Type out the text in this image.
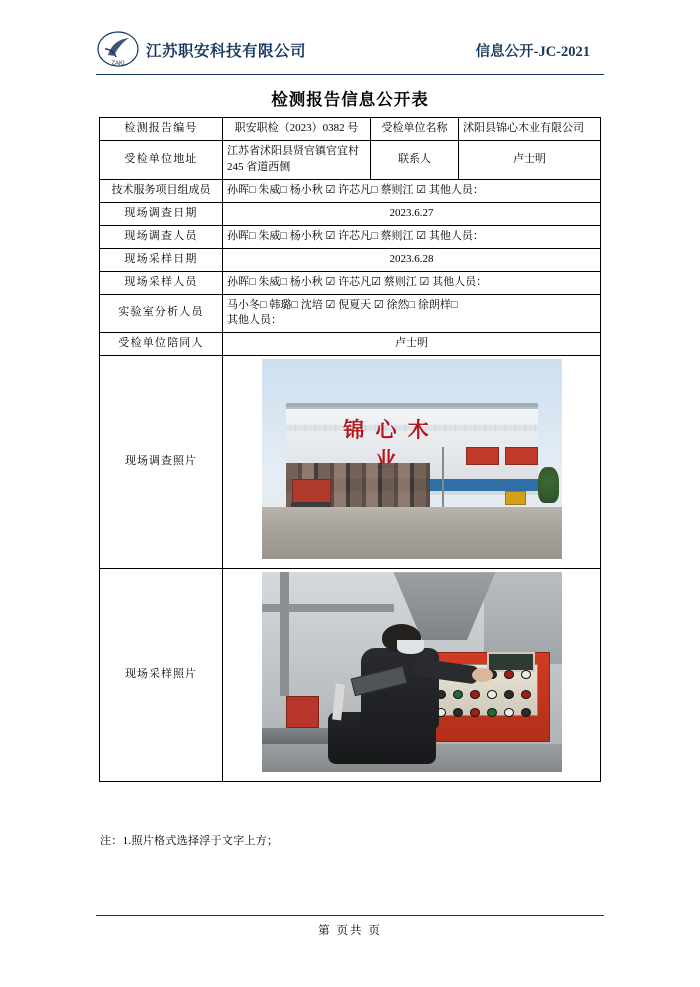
ZAKI
江苏职安科技有限公司	信息公开-JC-2021
检测报告信息公开表
检测报告编号	职安职检（2023）0382 号	受检单位名称	沭阳县锦心木业有限公司
受检单位地址	江苏省沭阳县贤官镇官宜村245 省道西侧	联系人	卢士明
技术服务项目组成员	孙晖□ 朱威□ 杨小秋 ☑ 许芯凡□ 蔡则江 ☑ 其他人员：		
现场调查日期	2023.6.27		
现场调查人员	孙晖□ 朱威□ 杨小秋 ☑ 许芯凡□ 蔡则江 ☑ 其他人员：		
现场采样日期	2023.6.28		
现场采样人员	孙晖□ 朱威□ 杨小秋 ☑ 许芯凡☑ 蔡则江 ☑ 其他人员：		
实验室分析人员	马小冬□ 韩璐□ 沈培 ☑ 倪夏天 ☑ 徐然□ 徐朗样□
其他人员：		

受检单位陪同人	卢士明		
现场调查照片	

现场采样照片			
注：1.照片格式选择浮于文字上方；
第 页共 页
